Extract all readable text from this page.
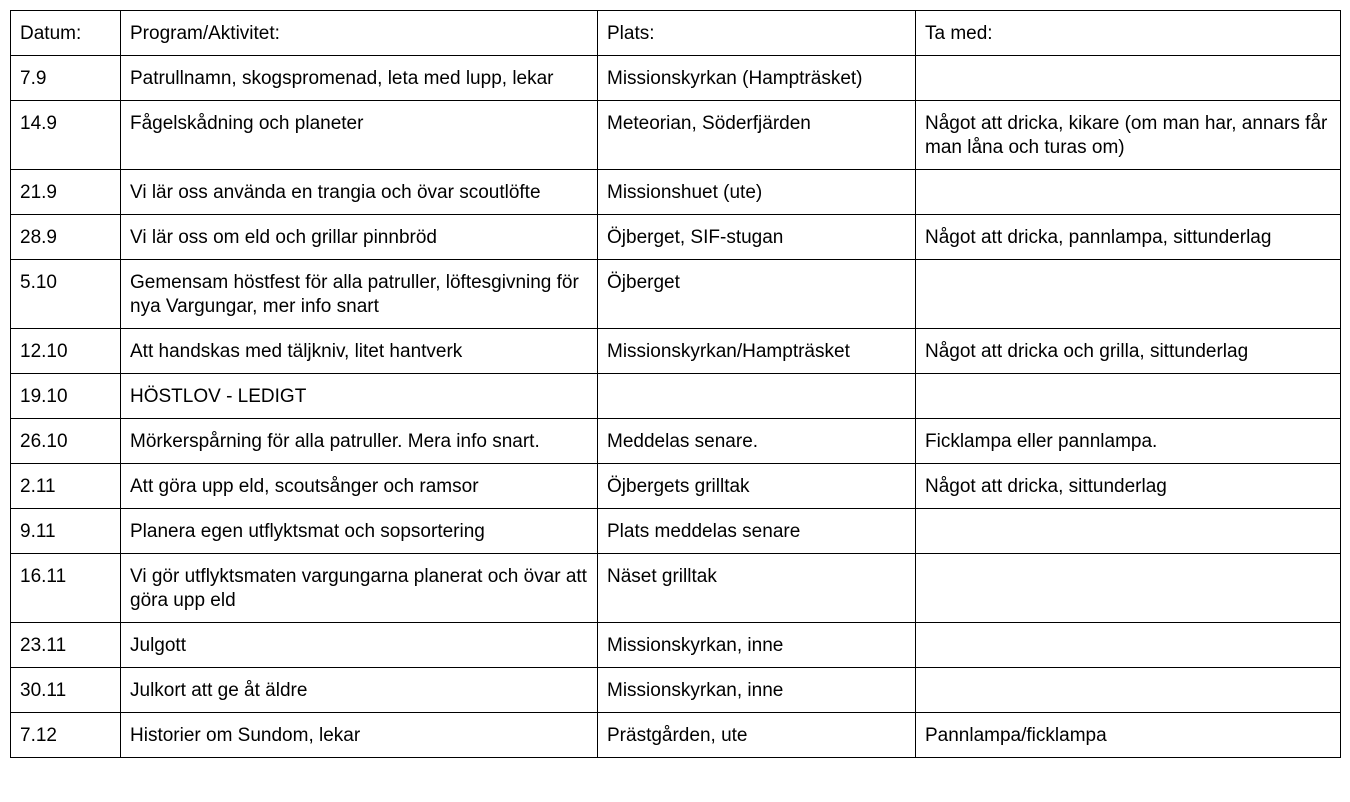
Datum:	Program/Aktivitet:	Plats:	Ta med:
7.9	Patrullnamn, skogspromenad, leta med lupp, lekar	Missionskyrkan (Hampträsket)	
14.9	Fågelskådning och planeter	Meteorian, Söderfjärden	Något att dricka, kikare (om man har, annars får man låna och turas om)
21.9	Vi lär oss använda en trangia och övar scoutlöfte	Missionshuet (ute)	
28.9	Vi lär oss om eld och grillar pinnbröd	Öjberget, SIF-stugan	Något att dricka, pannlampa, sittunderlag
5.10	Gemensam höstfest för alla patruller, löftesgivning för nya Vargungar, mer info snart	Öjberget	
12.10	Att handskas med täljkniv, litet hantverk	Missionskyrkan/Hampträsket	Något att dricka och grilla, sittunderlag
19.10	HÖSTLOV - LEDIGT		
26.10	Mörkerspårning för alla patruller. Mera info snart.	Meddelas senare.	Ficklampa eller pannlampa.
2.11	Att göra upp eld, scoutsånger och ramsor	Öjbergets grilltak	Något att dricka, sittunderlag
9.11	Planera egen utflyktsmat och sopsortering	Plats meddelas senare	
16.11	Vi gör utflyktsmaten vargungarna planerat och övar att göra upp eld	Näset grilltak	
23.11	Julgott	Missionskyrkan, inne	
30.11	Julkort att ge åt äldre	Missionskyrkan, inne	
7.12	Historier om Sundom, lekar	Prästgården, ute	Pannlampa/ficklampa
